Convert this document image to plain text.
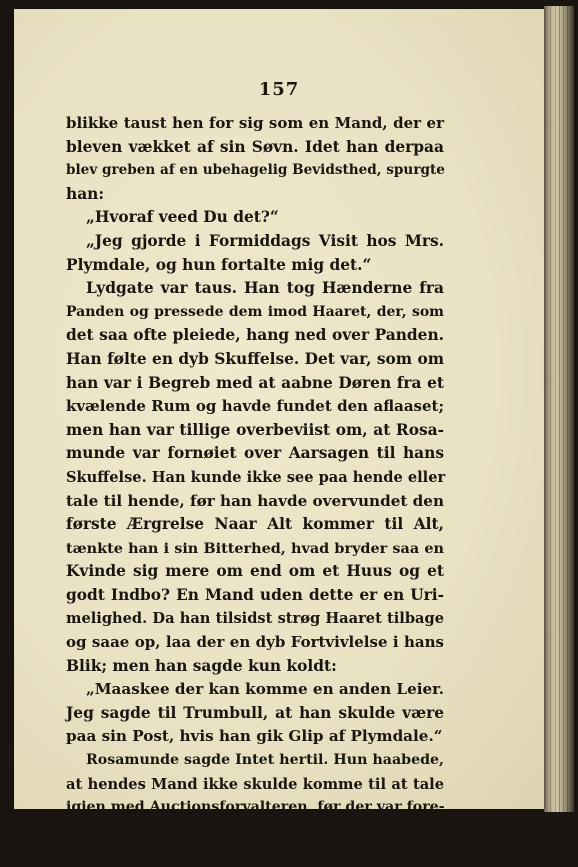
157
blikke taust hen for sig som en Mand, der er
bleven vækket af sin Søvn. Idet han derpaa
blev greben af en ubehagelig Bevidsthed, spurgte
han:
„Hvoraf veed Du det?“
„Jeg gjorde i Formiddags Visit hos Mrs.
Plymdale, og hun fortalte mig det.“
Lydgate var taus. Han tog Hænderne fra
Panden og pressede dem imod Haaret, der, som
det saa ofte pleiede, hang ned over Panden.
Han følte en dyb Skuffelse. Det var, som om
han var i Begreb med at aabne Døren fra et
kvælende Rum og havde fundet den aflaaset;
men han var tillige overbeviist om, at Rosa-
munde var fornøiet over Aarsagen til hans
Skuffelse. Han kunde ikke see paa hende eller
tale til hende, før han havde overvundet den
første Ærgrelse Naar Alt kommer til Alt,
tænkte han i sin Bitterhed, hvad bryder saa en
Kvinde sig mere om end om et Huus og et
godt Indbo? En Mand uden dette er en Uri-
melighed. Da han tilsidst strøg Haaret tilbage
og saae op, laa der en dyb Fortvivlelse i hans
Blik; men han sagde kun koldt:
„Maaskee der kan komme en anden Leier.
Jeg sagde til Trumbull, at han skulde være
paa sin Post, hvis han gik Glip af Plymdale.“
Rosamunde sagde Intet hertil. Hun haabede,
at hendes Mand ikke skulde komme til at tale
igjen med Auctionsforvalteren, før der var fore-
faldet Noget, som kunde berettige hendes Ind-
blanding; ialtfald havde hun hindret det, som
